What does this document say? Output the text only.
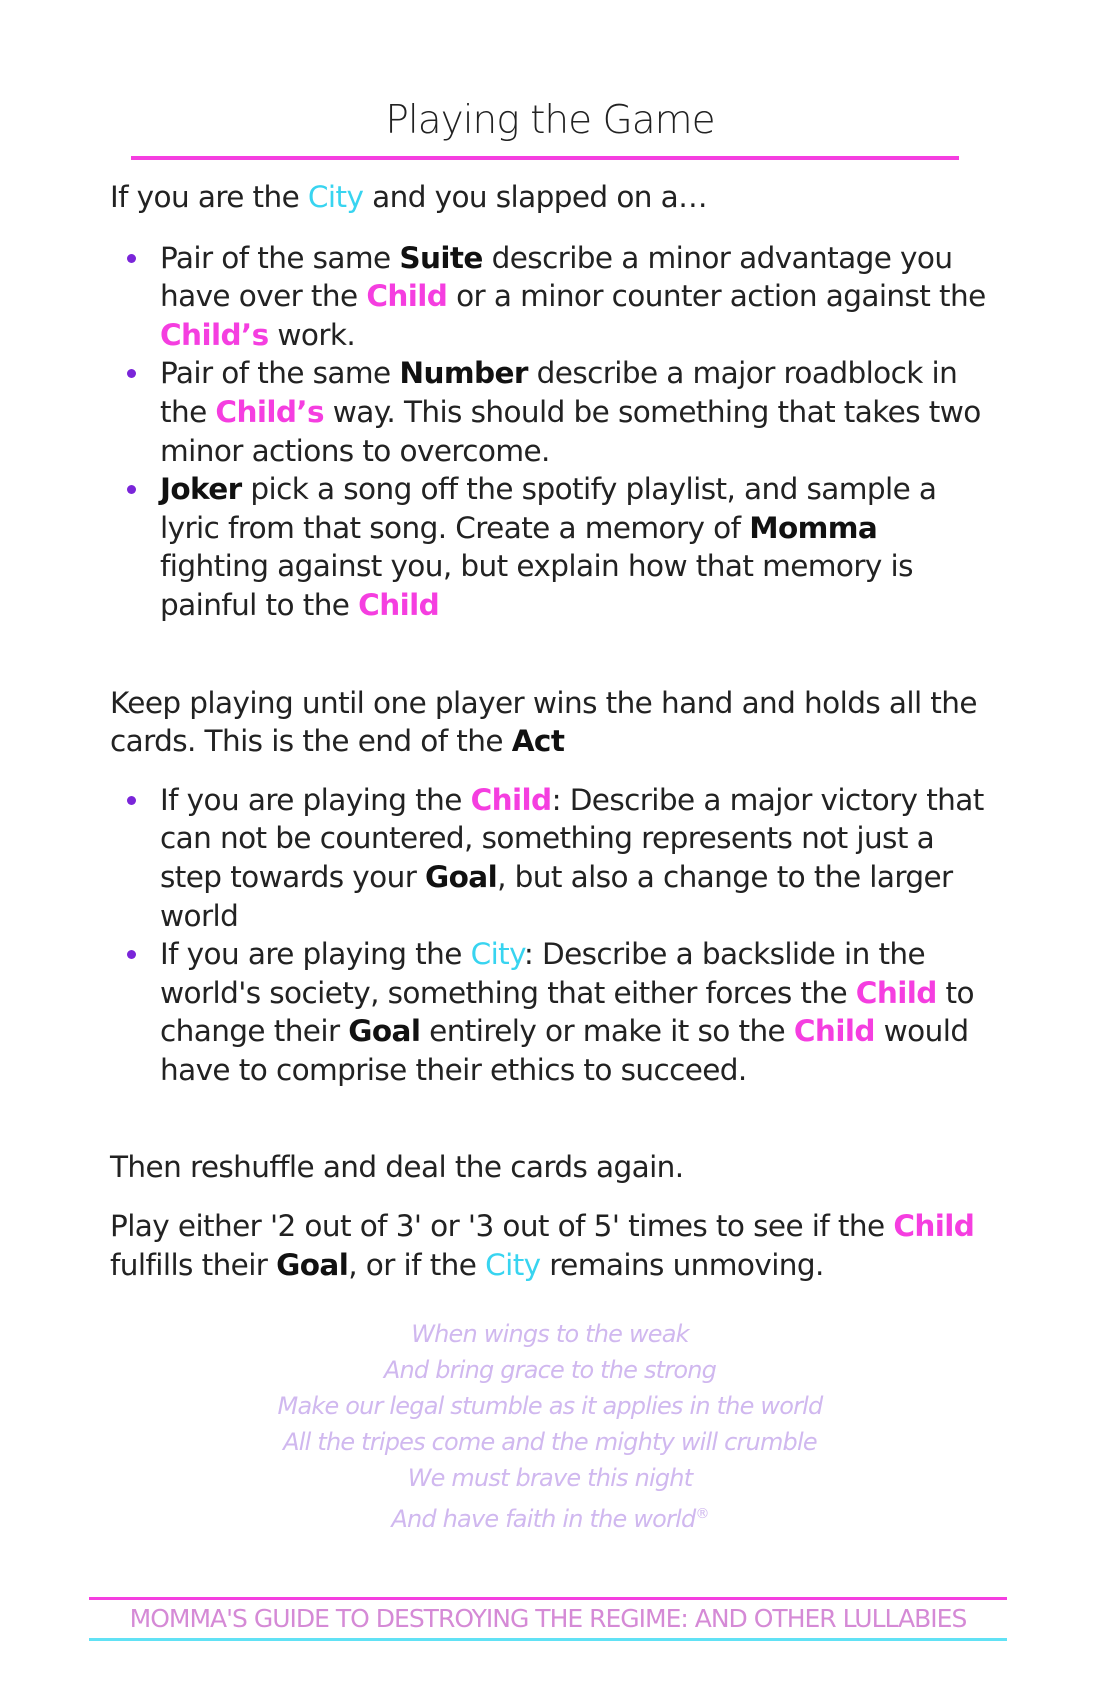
Playing the Game

If you are the City and you slapped on a…

Pair of the same Suite describe a minor advantage you have over the Child or a minor counter action against the Child’s work.
Pair of the same Number describe a major roadblock in the Child’s way. This should be something that takes two minor actions to overcome.
Joker pick a song off the spotify playlist, and sample a lyric from that song. Create a memory of Momma fighting against you, but explain how that memory is painful to the Child

Keep playing until one player wins the hand and holds all the cards. This is the end of the Act

If you are playing the Child: Describe a major victory that can not be countered, something represents not just a step towards your Goal, but also a change to the larger world
If you are playing the City: Describe a backslide in the world's society, something that either forces the Child to change their Goal entirely or make it so the Child would have to comprise their ethics to succeed.

Then reshuffle and deal the cards again.

Play either '2 out of 3' or '3 out of 5' times to see if the Child fulfills their Goal, or if the City remains unmoving.

When wings to the weak
And bring grace to the strong
Make our legal stumble as it applies in the world
All the tripes come and the mighty will crumble
We must brave this night
And have faith in the world®
MOMMA'S GUIDE TO DESTROYING THE REGIME: AND OTHER LULLABIES
